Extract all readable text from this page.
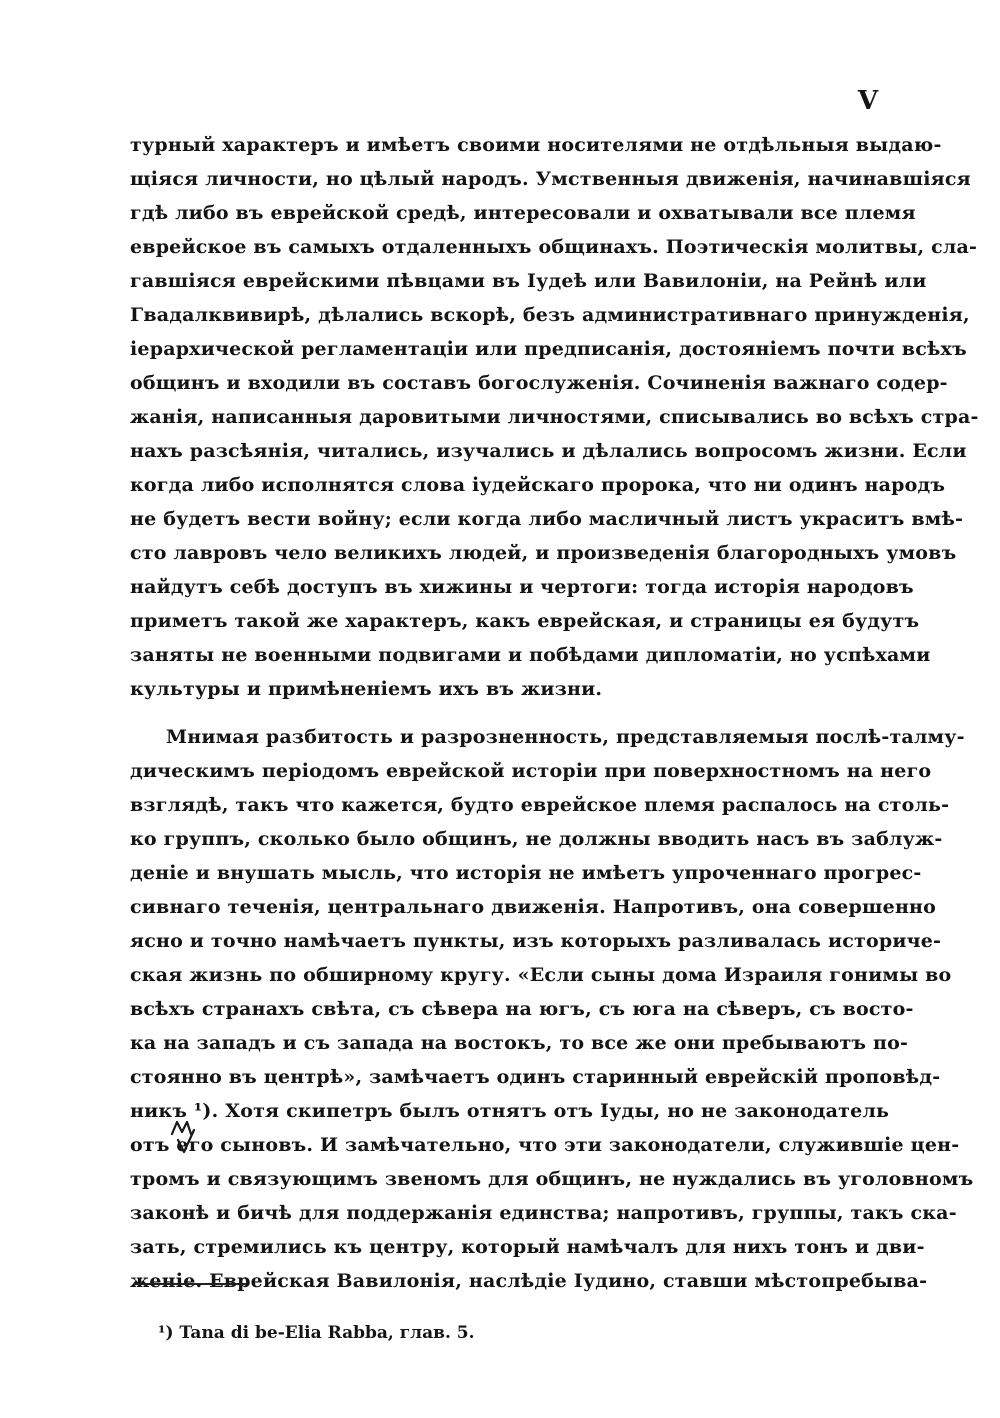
V
турный характеръ и имѣетъ своими носителями не отдѣльныя выдаю-
щіяся личности, но цѣлый народъ. Умственныя движенія, начинавшіяся
гдѣ либо въ еврейской средѣ, интересовали и охватывали все племя
еврейское въ самыхъ отдаленныхъ общинахъ. Поэтическія молитвы, сла-
гавшіяся еврейскими пѣвцами въ Іудеѣ или Вавилоніи, на Рейнѣ или
Гвадалквивирѣ, дѣлались вскорѣ, безъ административнаго принужденія,
іерархической регламентаціи или предписанія, достояніемъ почти всѣхъ
общинъ и входили въ составъ богослуженія. Сочиненія важнаго содер-
жанія, написанныя даровитыми личностями, списывались во всѣхъ стра-
нахъ разсѣянія, читались, изучались и дѣлались вопросомъ жизни. Если
когда либо исполнятся слова іудейскаго пророка, что ни одинъ народъ
не будетъ вести войну; если когда либо масличный листъ украситъ вмѣ-
сто лавровъ чело великихъ людей, и произведенія благородныхъ умовъ
найдутъ себѣ доступъ въ хижины и чертоги: тогда исторія народовъ
приметъ такой же характеръ, какъ еврейская, и страницы ея будутъ
заняты не военными подвигами и побѣдами дипломатіи, но успѣхами
культуры и примѣненіемъ ихъ въ жизни.
Мнимая разбитость и разрозненность, представляемыя послѣ-талму-
дическимъ періодомъ еврейской исторіи при поверхностномъ на него
взглядѣ, такъ что кажется, будто еврейское племя распалось на столь-
ко группъ, сколько было общинъ, не должны вводить насъ въ заблуж-
деніе и внушать мысль, что исторія не имѣетъ упроченнаго прогрес-
сивнаго теченія, центральнаго движенія. Напротивъ, она совершенно
ясно и точно намѣчаетъ пункты, изъ которыхъ разливалась историче-
ская жизнь по обширному кругу. «Если сыны дома Израиля гонимы во
всѣхъ странахъ свѣта, съ сѣвера на югъ, съ юга на сѣверъ, съ восто-
ка на западъ и съ запада на востокъ, то все же они пребываютъ по-
стоянно въ центрѣ», замѣчаетъ одинъ старинный еврейскій проповѣд-
никъ ¹). Хотя скипетръ былъ отнятъ отъ Іуды, но не законодатель
отъ его сыновъ. И замѣчательно, что эти законодатели, служившіе цен-
тромъ и связующимъ звеномъ для общинъ, не нуждались въ уголовномъ
законѣ и бичѣ для поддержанія единства; напротивъ, группы, такъ ска-
зать, стремились къ центру, который намѣчалъ для нихъ тонъ и дви-
женіе. Еврейская Вавилонія, наслѣдіе Іудино, ставши мѣстопребыва-
¹) Tana di be-Elia Rabba, глав. 5.
